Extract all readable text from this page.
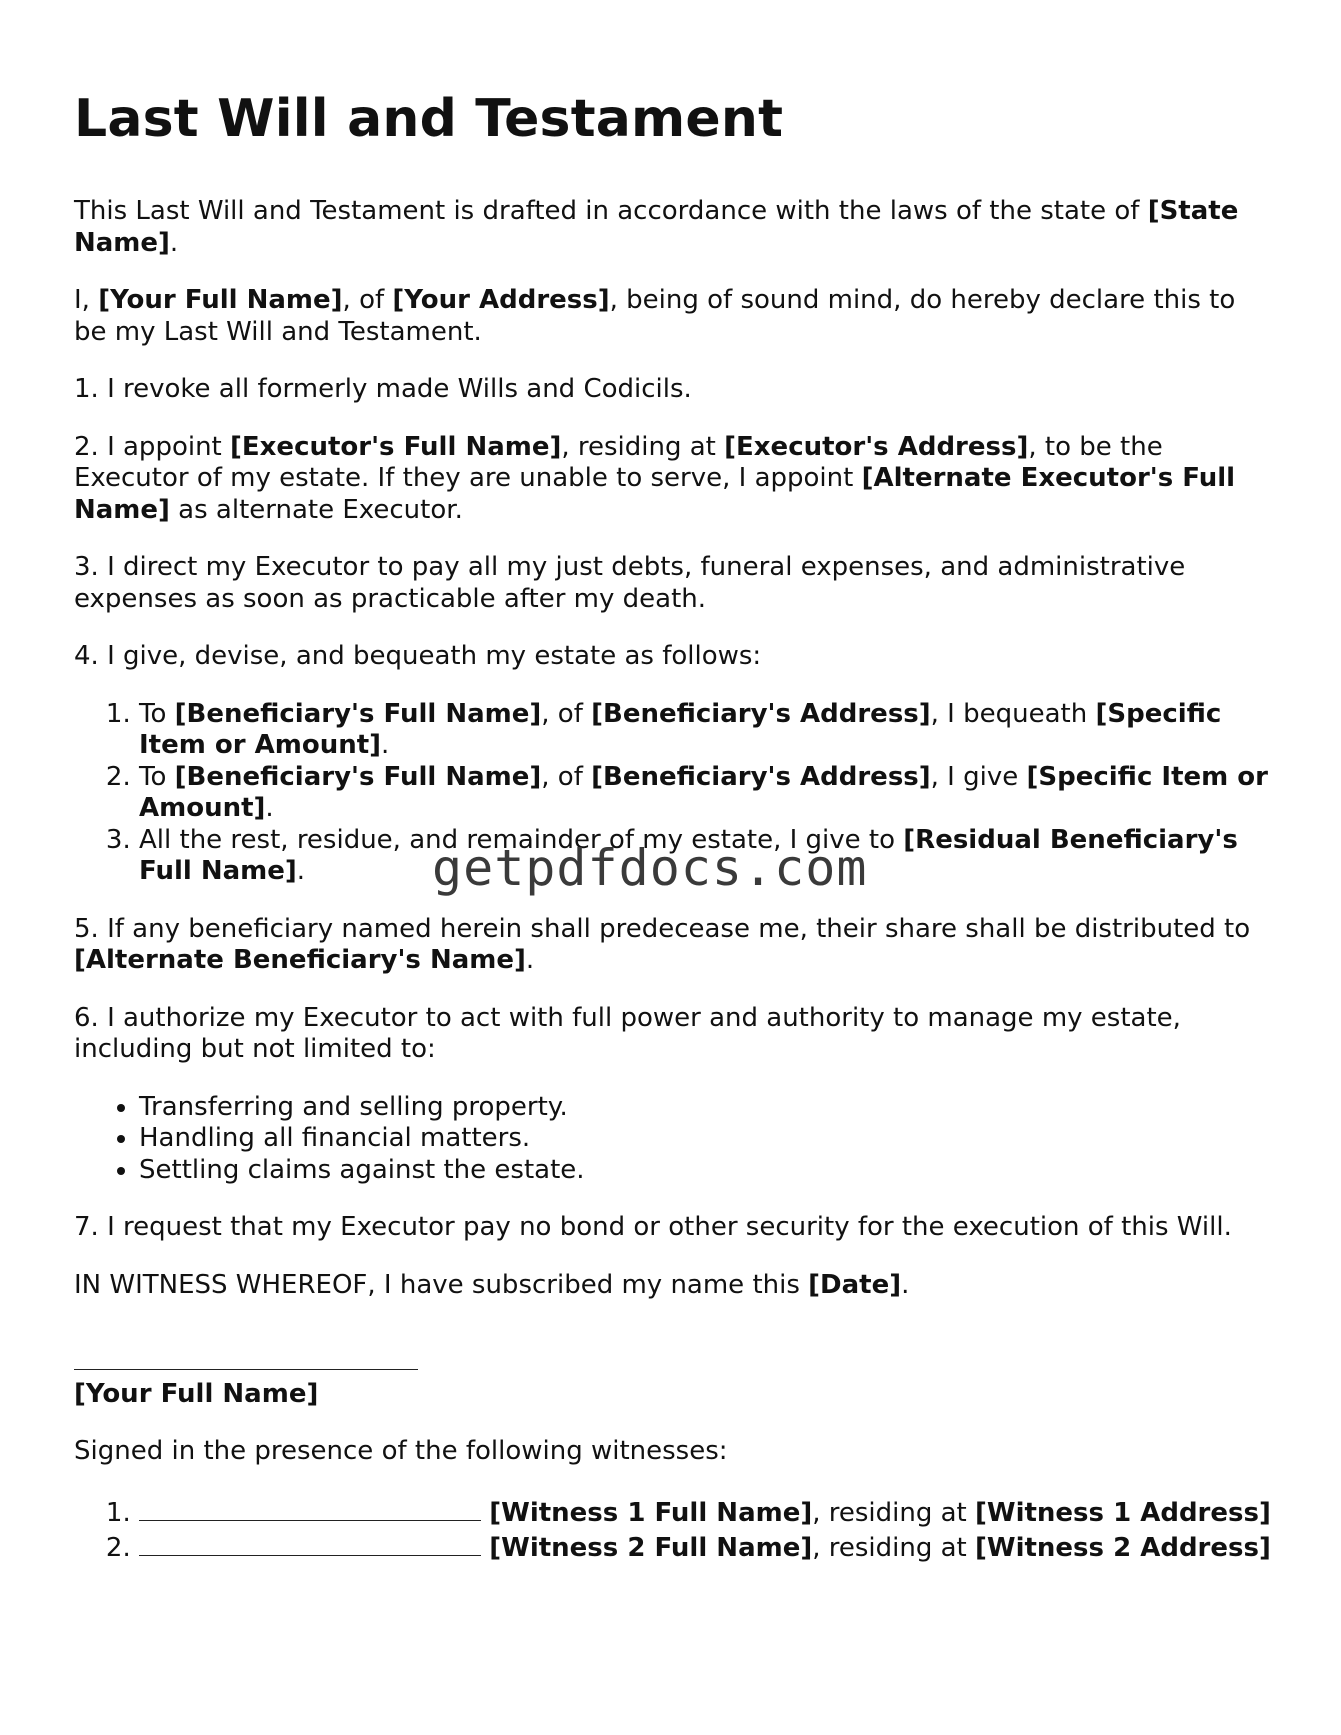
Last Will and Testament

This Last Will and Testament is drafted in accordance with the laws of the state of [State Name].

I, [Your Full Name], of [Your Address], being of sound mind, do hereby declare this to be my Last Will and Testament.

1. I revoke all formerly made Wills and Codicils.

2. I appoint [Executor's Full Name], residing at [Executor's Address], to be the Executor of my estate. If they are unable to serve, I appoint [Alternate Executor's Full Name] as alternate Executor.

3. I direct my Executor to pay all my just debts, funeral expenses, and administrative expenses as soon as practicable after my death.

4. I give, devise, and bequeath my estate as follows:

1. To [Beneficiary's Full Name], of [Beneficiary's Address], I bequeath [Specific Item or Amount].
2. To [Beneficiary's Full Name], of [Beneficiary's Address], I give [Specific Item or Amount].
3. All the rest, residue, and remainder of my estate, I give to [Residual Beneficiary's Full Name].

5. If any beneficiary named herein shall predecease me, their share shall be distributed to [Alternate Beneficiary's Name].

6. I authorize my Executor to act with full power and authority to manage my estate, including but not limited to:

• Transferring and selling property.
• Handling all financial matters.
• Settling claims against the estate.

7. I request that my Executor pay no bond or other security for the execution of this Will.

IN WITNESS WHEREOF, I have subscribed my name this [Date].

[Your Full Name]

Signed in the presence of the following witnesses:

1. [Witness 1 Full Name], residing at [Witness 1 Address]
2. [Witness 2 Full Name], residing at [Witness 2 Address]
getpdfdocs.com
